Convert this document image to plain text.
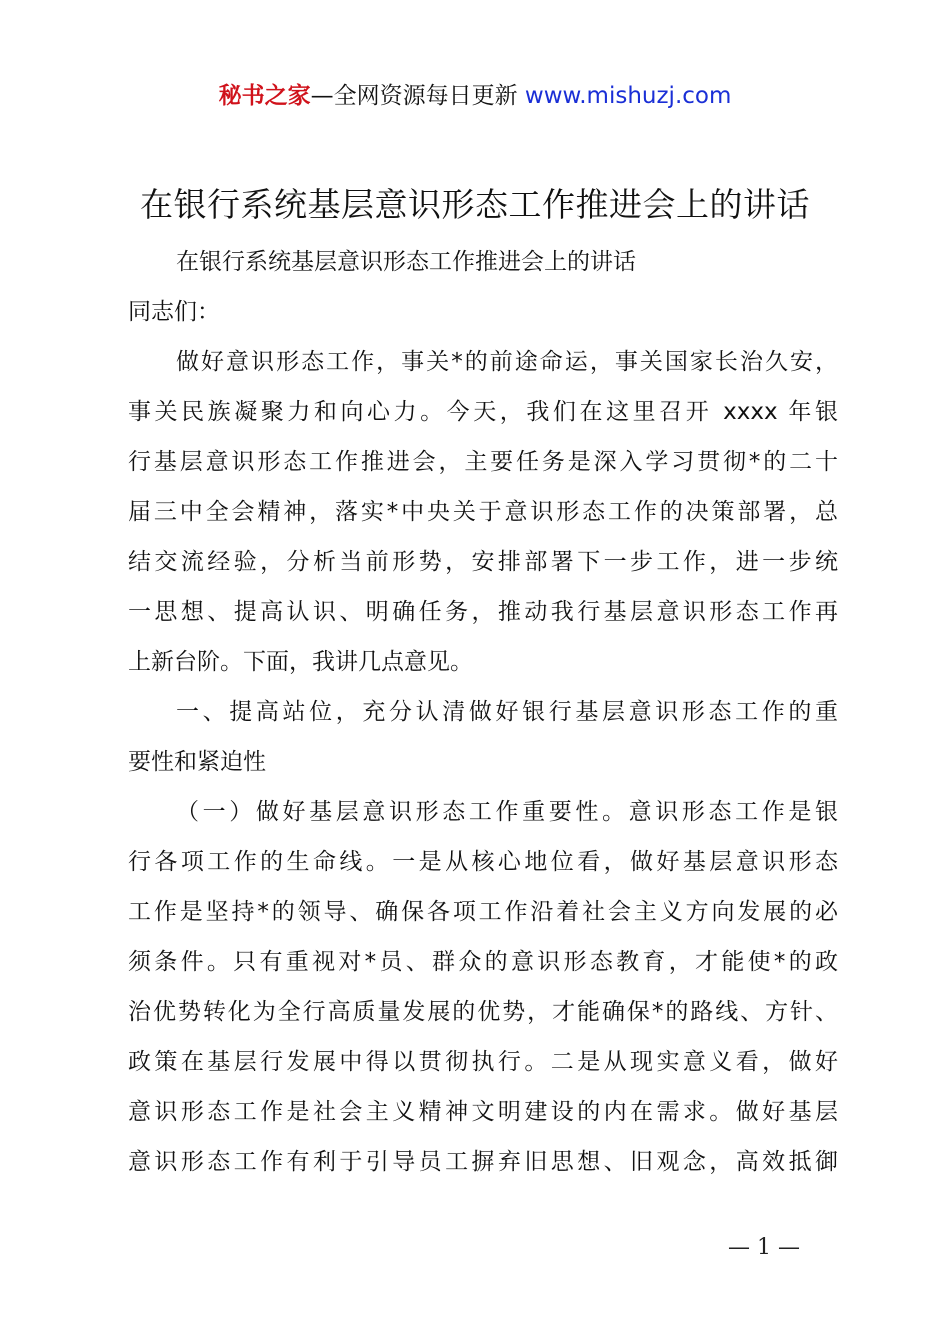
秘书之家—全网资源每日更新 www.mishuzj.com
在银行系统基层意识形态工作推进会上的讲话

在银行系统基层意识形态工作推进会上的讲话

同志们：

做好意识形态工作，事关*的前途命运，事关国家长治久安，
事关民族凝聚力和向心力。今天，我们在这里召开 xxxx 年银
行基层意识形态工作推进会，主要任务是深入学习贯彻*的二十
届三中全会精神，落实*中央关于意识形态工作的决策部署，总
结交流经验，分析当前形势，安排部署下一步工作，进一步统
一思想、提高认识、明确任务，推动我行基层意识形态工作再
上新台阶。下面，我讲几点意见。
一、提高站位，充分认清做好银行基层意识形态工作的重
要性和紧迫性
（一）做好基层意识形态工作重要性。意识形态工作是银
行各项工作的生命线。一是从核心地位看，做好基层意识形态
工作是坚持*的领导、确保各项工作沿着社会主义方向发展的必
须条件。只有重视对*员、群众的意识形态教育，才能使*的政
治优势转化为全行高质量发展的优势，才能确保*的路线、方针、
政策在基层行发展中得以贯彻执行。二是从现实意义看，做好
意识形态工作是社会主义精神文明建设的内在需求。做好基层
意识形态工作有利于引导员工摒弃旧思想、旧观念，高效抵御
— 1 —
